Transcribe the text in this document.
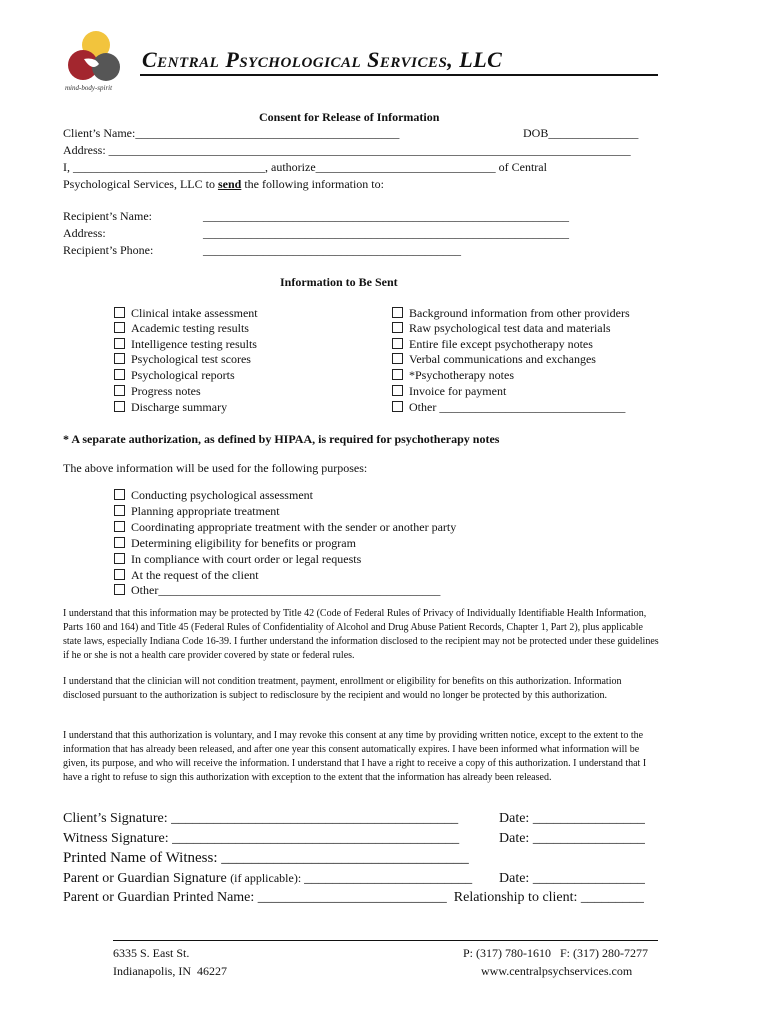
mind-body-spirit
Central Psychological Services, LLC
Consent for Release of Information
Client’s Name:____________________________________________	DOB_______________
Address: _______________________________________________________________________________________
I, ________________________________, authorize______________________________ of Central
Psychological Services, LLC to send the following information to:
Recipient’s Name:	_____________________________________________________________
Address:	_____________________________________________________________
Recipient’s Phone:	___________________________________________
Information to Be Sent
Clinical intake assessment
Academic testing results
Intelligence testing results
Psychological test scores
Psychological reports
Progress notes
Discharge summary
Background information from other providers
Raw psychological test data and materials
Entire file except psychotherapy notes
Verbal communications and exchanges
*Psychotherapy notes
Invoice for payment
Other _______________________________
* A separate authorization, as defined by HIPAA, is required for psychotherapy notes
The above information will be used for the following purposes:
Conducting psychological assessment
Planning appropriate treatment
Coordinating appropriate treatment with the sender or another party
Determining eligibility for benefits or program
In compliance with court order or legal requests
At the request of the client
Other_______________________________________________
I understand that this information may be protected by Title 42 (Code of Federal Rules of Privacy of Individually Identifiable Health Information, Parts 160 and 164) and Title 45 (Federal Rules of Confidentiality of Alcohol and Drug Abuse Patient Records, Chapter 1, Part 2), plus applicable state laws, especially Indiana Code 16-39. I further understand the information disclosed to the recipient may not be protected under these guidelines if he or she is not a health care provider covered by state or federal rules.
I understand that the clinician will not condition treatment, payment, enrollment or eligibility for benefits on this authorization. Information disclosed pursuant to the authorization is subject to redisclosure by the recipient and would no longer be protected by this authorization.
I understand that this authorization is voluntary, and I may revoke this consent at any time by providing written notice, except to the extent to the information that has already been released, and after one year this consent automatically expires. I have been informed what information will be given, its purpose, and who will receive the information. I understand that I have a right to receive a copy of this authorization. I understand that I have a right to refuse to sign this authorization with exception to the extent that the information has already been released.
Client’s Signature: _________________________________________	Date: ________________
Witness Signature: _________________________________________	Date: ________________
Printed Name of Witness: _________________________________
Parent or Guardian Signature (if applicable): ________________________ Date: ________________
Parent or Guardian Printed Name: ___________________________  Relationship to client: _________
6335 S. East St.
Indianapolis, IN  46227
P: (317) 780-1610   F: (317) 280-7277
www.centralpsychservices.com
